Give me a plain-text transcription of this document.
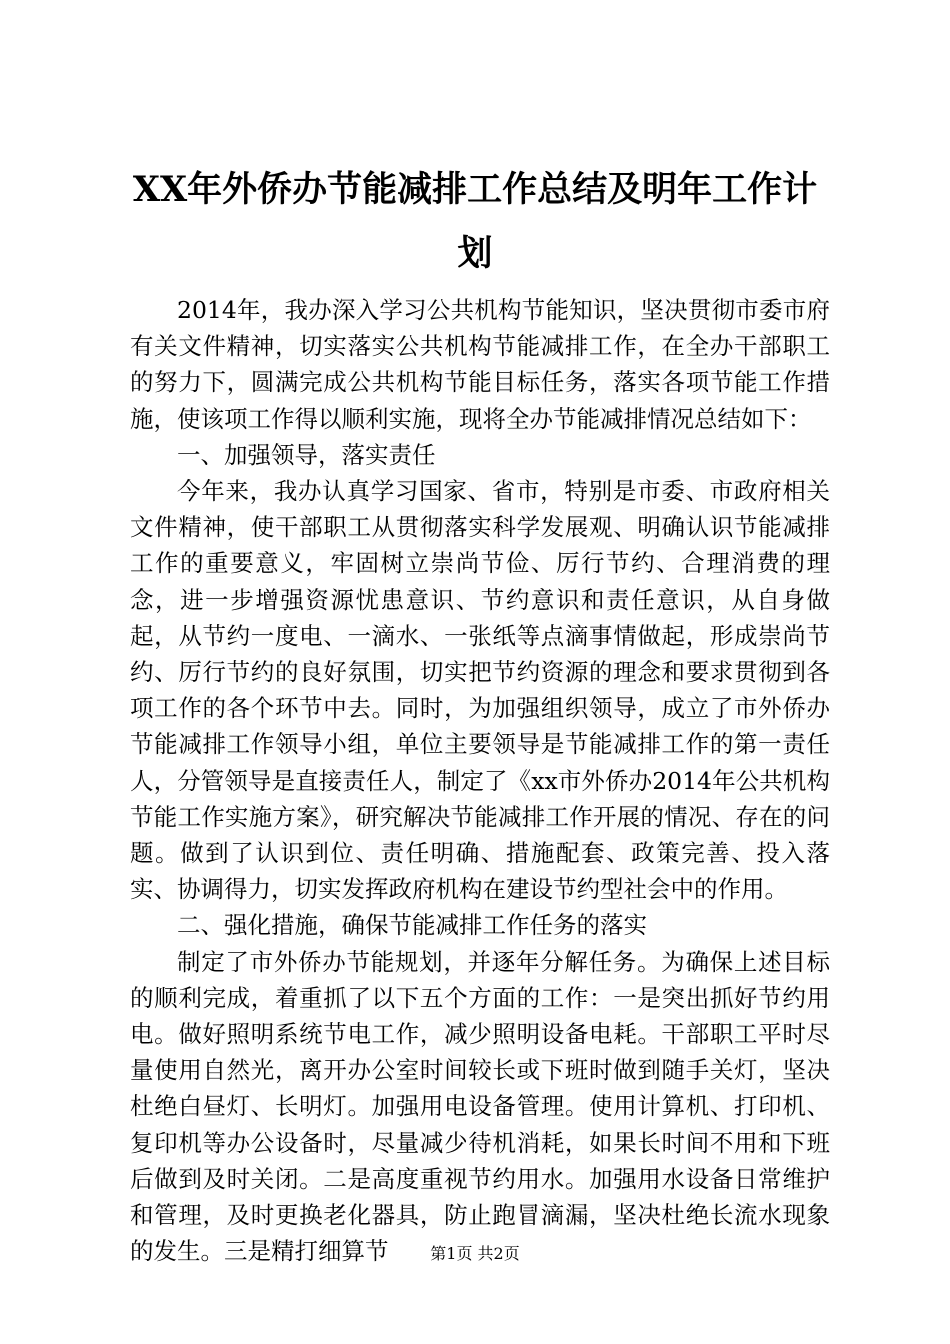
XX年外侨办节能减排工作总结及明年工作计划

2014年，我办深入学习公共机构节能知识，坚决贯彻市委市府有关文件精神，切实落实公共机构节能减排工作，在全办干部职工的努力下，圆满完成公共机构节能目标任务，落实各项节能工作措施，使该项工作得以顺利实施，现将全办节能减排情况总结如下：

一、加强领导，落实责任

今年来，我办认真学习国家、省市，特别是市委、市政府相关文件精神，使干部职工从贯彻落实科学发展观、明确认识节能减排工作的重要意义，牢固树立崇尚节俭、厉行节约、合理消费的理念，进一步增强资源忧患意识、节约意识和责任意识，从自身做起，从节约一度电、一滴水、一张纸等点滴事情做起，形成崇尚节约、厉行节约的良好氛围，切实把节约资源的理念和要求贯彻到各项工作的各个环节中去。同时，为加强组织领导，成立了市外侨办节能减排工作领导小组，单位主要领导是节能减排工作的第一责任人，分管领导是直接责任人，制定了《xx市外侨办2014年公共机构节能工作实施方案》，研究解决节能减排工作开展的情况、存在的问题。做到了认识到位、责任明确、措施配套、政策完善、投入落实、协调得力，切实发挥政府机构在建设节约型社会中的作用。

二、强化措施，确保节能减排工作任务的落实

制定了市外侨办节能规划，并逐年分解任务。为确保上述目标的顺利完成，着重抓了以下五个方面的工作：一是突出抓好节约用电。做好照明系统节电工作，减少照明设备电耗。干部职工平时尽量使用自然光，离开办公室时间较长或下班时做到随手关灯，坚决杜绝白昼灯、长明灯。加强用电设备管理。使用计算机、打印机、复印机等办公设备时，尽量减少待机消耗，如果长时间不用和下班后做到及时关闭。二是高度重视节约用水。加强用水设备日常维护和管理，及时更换老化器具，防止跑冒滴漏，坚决杜绝长流水现象的发生。三是精打细算节	第1页 共2页
